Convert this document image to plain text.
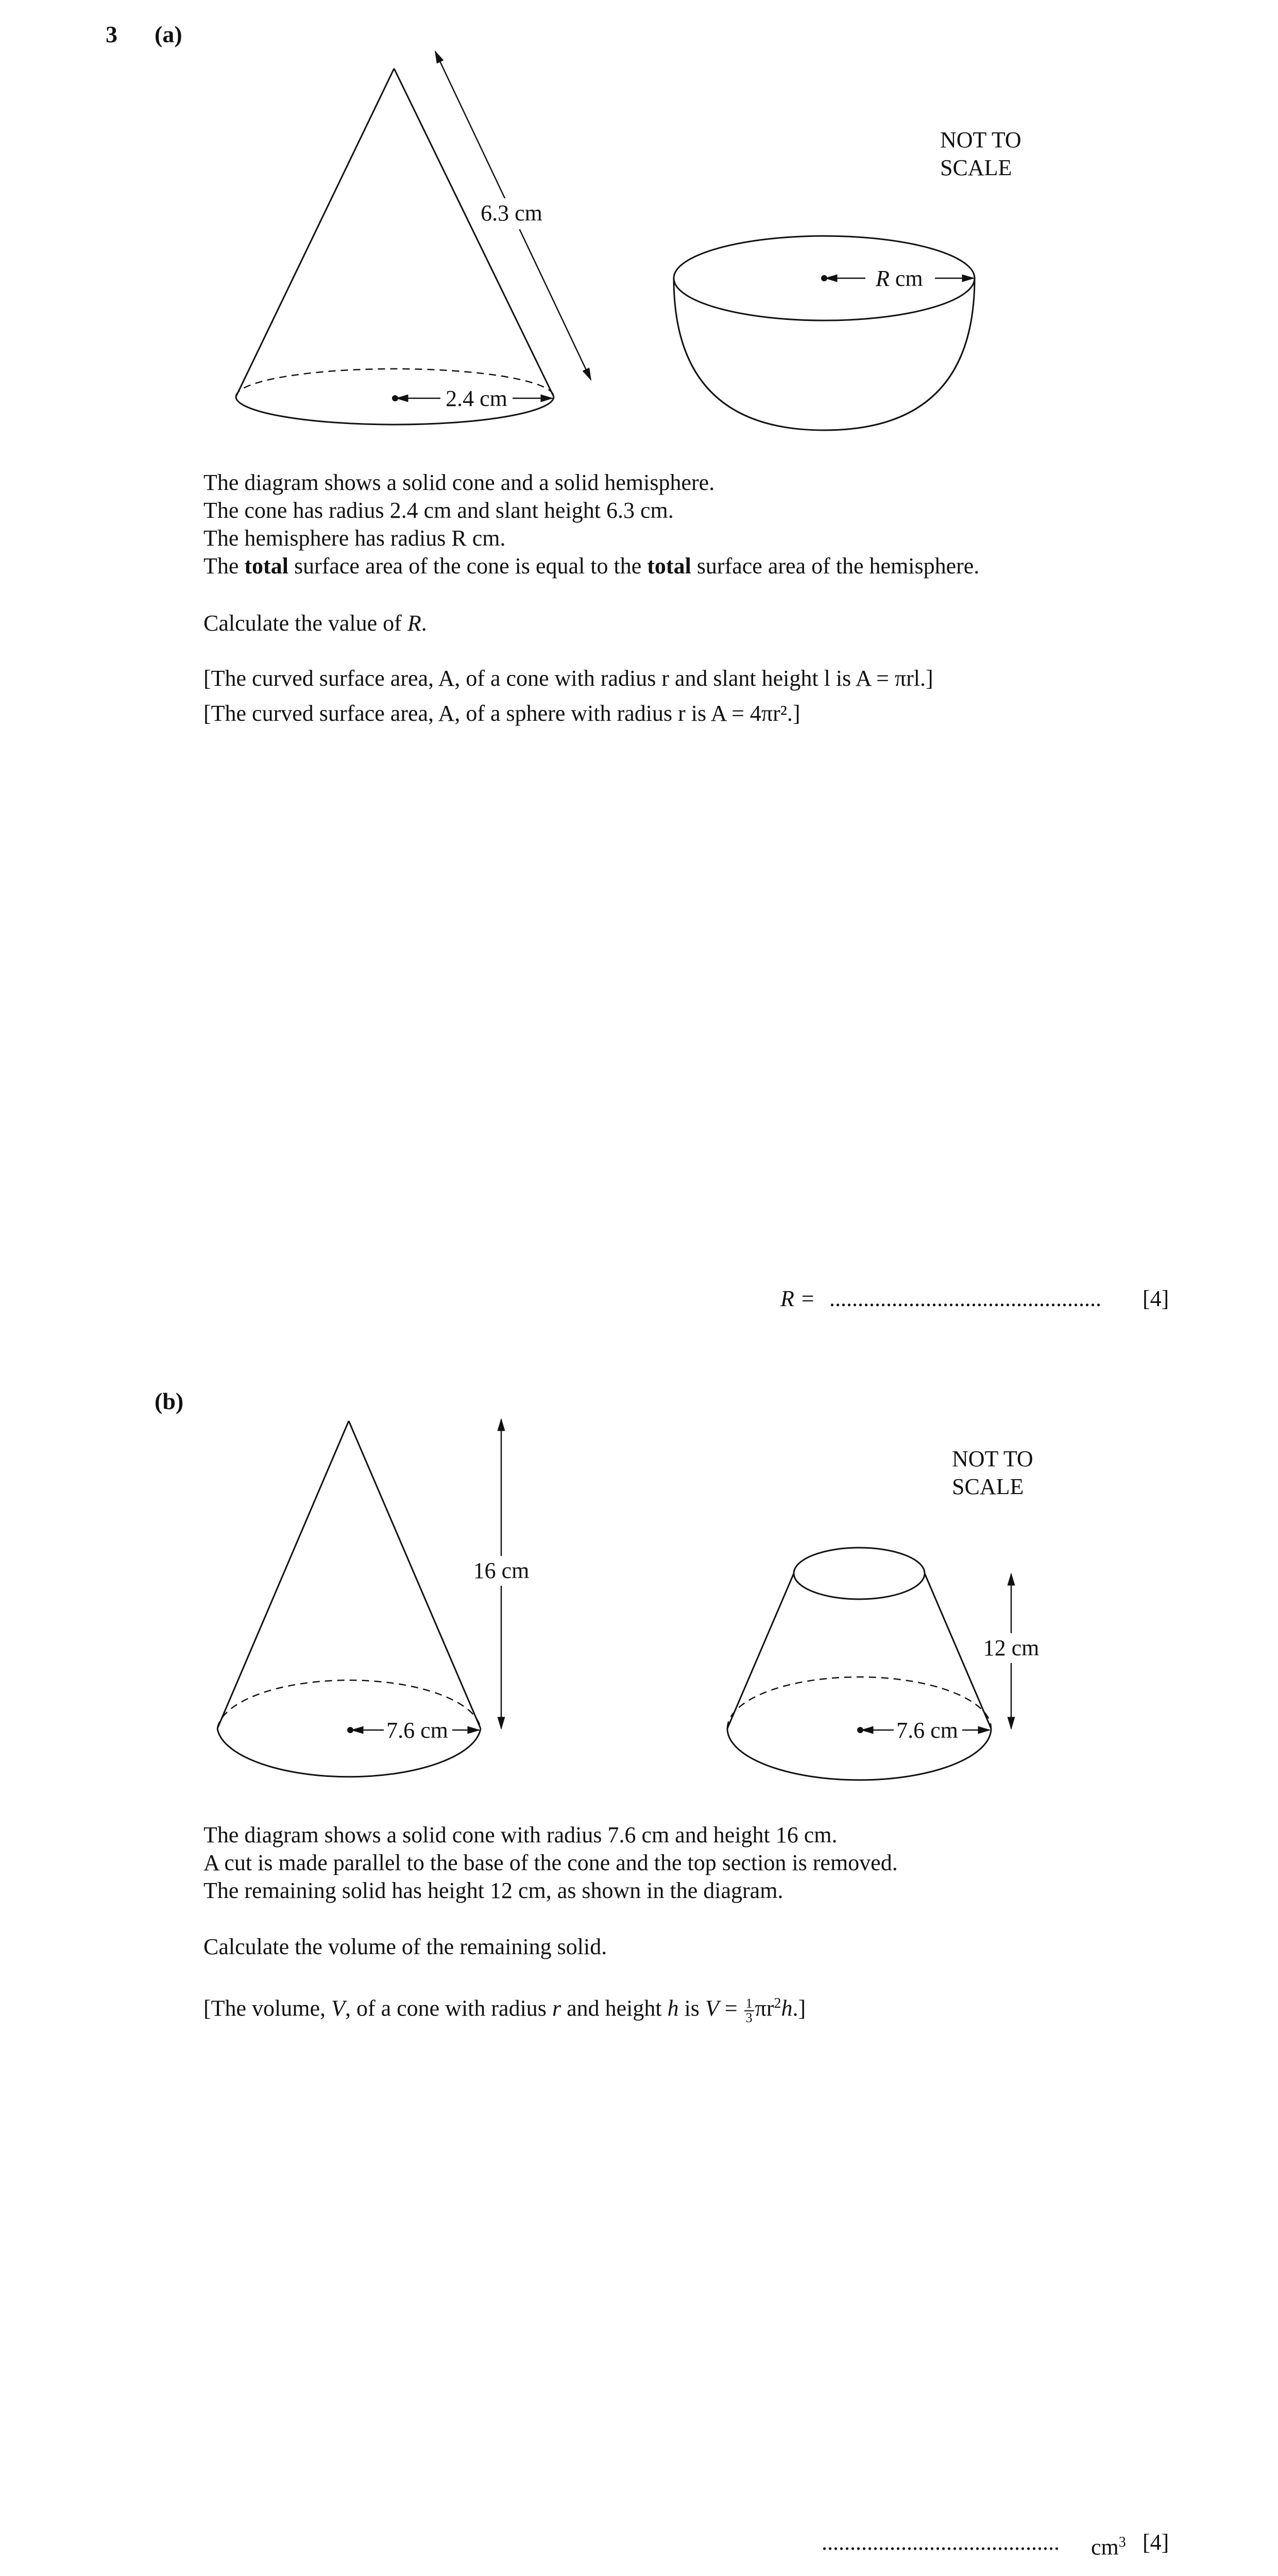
3 (a)
6.3 cm
2.4 cm
R cm
NOT TO
SCALE
The diagram shows a solid cone and a solid hemisphere.
The cone has radius 2.4 cm and slant height 6.3 cm.
The hemisphere has radius R cm.
The total surface area of the cone is equal to the total surface area of the hemisphere.
Calculate the value of R.
[The curved surface area, A, of a cone with radius r and slant height l is A = πrl.]
[The curved surface area, A, of a sphere with radius r is A = 4πr².]
R = ................................................ [4]
(b)
16 cm
7.6 cm
12 cm
7.6 cm
NOT TO
SCALE
The diagram shows a solid cone with radius 7.6 cm and height 16 cm.
A cut is made parallel to the base of the cone and the top section is removed.
The remaining solid has height 12 cm, as shown in the diagram.
Calculate the volume of the remaining solid.
[The volume, V, of a cone with radius r and height h is $V = \frac{1}{3} \pi r^2h$.]
.......................................... $cm^3$ [4]
